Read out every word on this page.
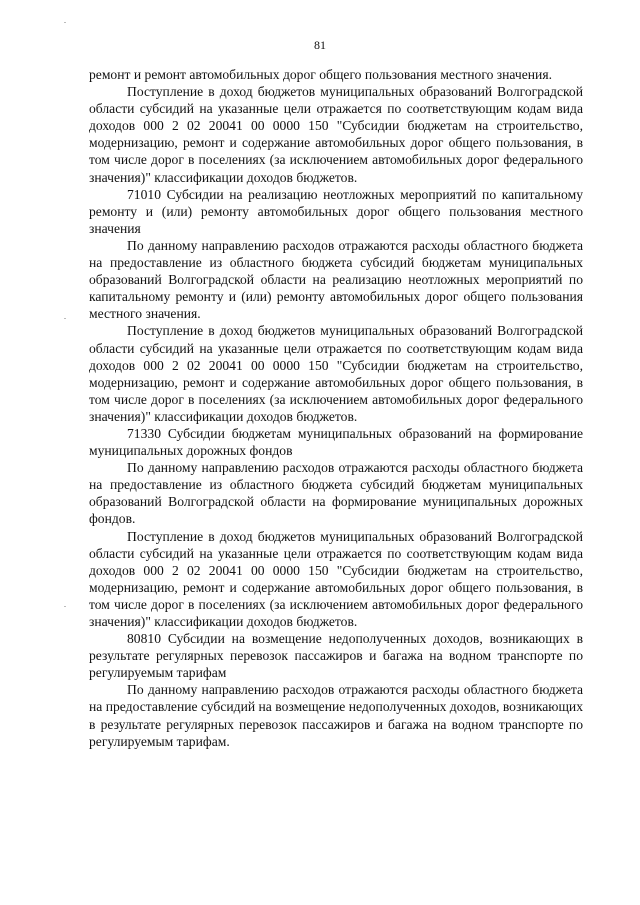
81

ремонт и ремонт автомобильных дорог общего пользования местного значения.

Поступление в доход бюджетов муниципальных образований Волгоградской области субсидий на указанные цели отражается по соответствующим кодам вида доходов 000 2 02 20041 00 0000 150 "Субсидии бюджетам на строительство, модернизацию, ремонт и содержание автомобильных дорог общего пользования, в том числе дорог в поселениях (за исключением автомобильных дорог федерального значения)" классификации доходов бюджетов.

71010 Субсидии на реализацию неотложных мероприятий по капитальному ремонту и (или) ремонту автомобильных дорог общего пользования местного значения

По данному направлению расходов отражаются расходы областного бюджета на предоставление из областного бюджета субсидий бюджетам муниципальных образований Волгоградской области на реализацию неотложных мероприятий по капитальному ремонту и (или) ремонту автомобильных дорог общего пользования местного значения.

Поступление в доход бюджетов муниципальных образований Волгоградской области субсидий на указанные цели отражается по соответствующим кодам вида доходов 000 2 02 20041 00 0000 150 "Субсидии бюджетам на строительство, модернизацию, ремонт и содержание автомобильных дорог общего пользования, в том числе дорог в поселениях (за исключением автомобильных дорог федерального значения)" классификации доходов бюджетов.

71330 Субсидии бюджетам муниципальных образований на формирование муниципальных дорожных фондов

По данному направлению расходов отражаются расходы областного бюджета на предоставление из областного бюджета субсидий бюджетам муниципальных образований Волгоградской области на формирование муниципальных дорожных фондов.

Поступление в доход бюджетов муниципальных образований Волгоградской области субсидий на указанные цели отражается по соответствующим кодам вида доходов 000 2 02 20041 00 0000 150 "Субсидии бюджетам на строительство, модернизацию, ремонт и содержание автомобильных дорог общего пользования, в том числе дорог в поселениях (за исключением автомобильных дорог федерального значения)" классификации доходов бюджетов.

80810 Субсидии на возмещение недополученных доходов, возникающих в результате регулярных перевозок пассажиров и багажа на водном транспорте по регулируемым тарифам

По данному направлению расходов отражаются расходы областного бюджета на предоставление субсидий на возмещение недополученных доходов, возникающих в результате регулярных перевозок пассажиров и багажа на водном транспорте по регулируемым тарифам.
